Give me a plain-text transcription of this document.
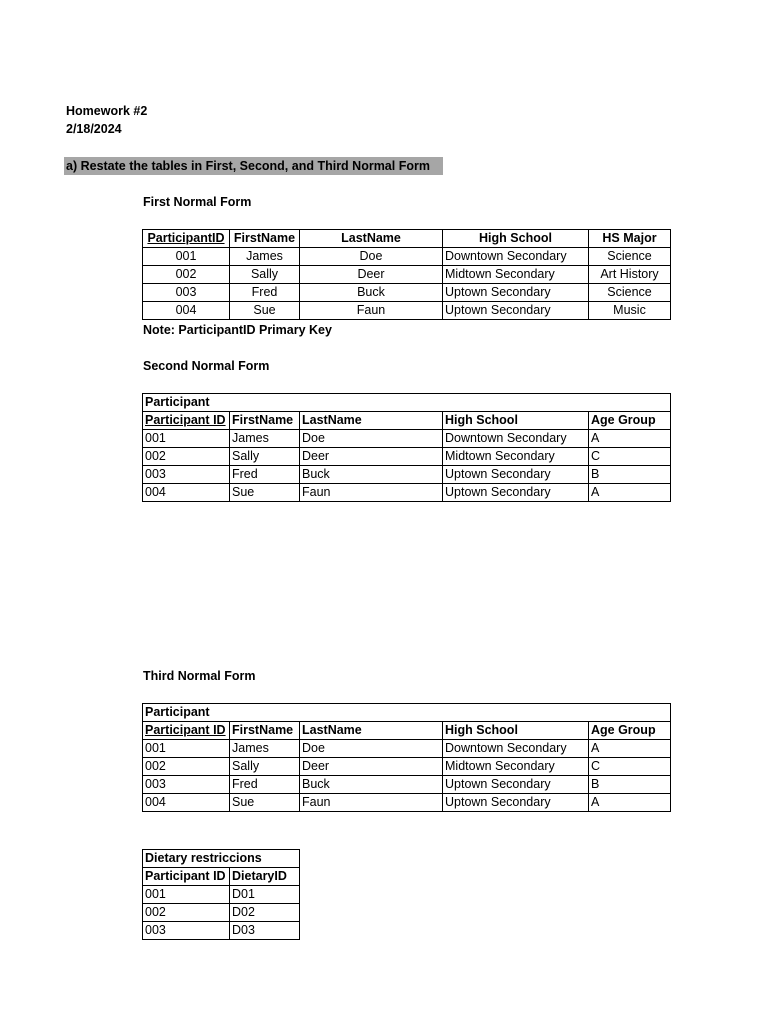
Homework #2
2/18/2024
a) Restate the tables in First, Second, and Third Normal Form
First Normal Form
ParticipantID	FirstName	LastName	High School	HS Major
001	James	Doe	Downtown Secondary	Science
002	Sally	Deer	Midtown Secondary	Art History
003	Fred	Buck	Uptown Secondary	Science
004	Sue	Faun	Uptown Secondary	Music
Note: ParticipantID Primary Key
Second Normal Form
Participant				
Participant ID	FirstName	LastName	High School	Age Group
001	James	Doe	Downtown Secondary	A
002	Sally	Deer	Midtown Secondary	C
003	Fred	Buck	Uptown Secondary	B
004	Sue	Faun	Uptown Secondary	A
Third Normal Form
Participant				
Participant ID	FirstName	LastName	High School	Age Group
001	James	Doe	Downtown Secondary	A
002	Sally	Deer	Midtown Secondary	C
003	Fred	Buck	Uptown Secondary	B
004	Sue	Faun	Uptown Secondary	A
Dietary restriccions	
Participant ID	DietaryID
001	D01
002	D02
003	D03
